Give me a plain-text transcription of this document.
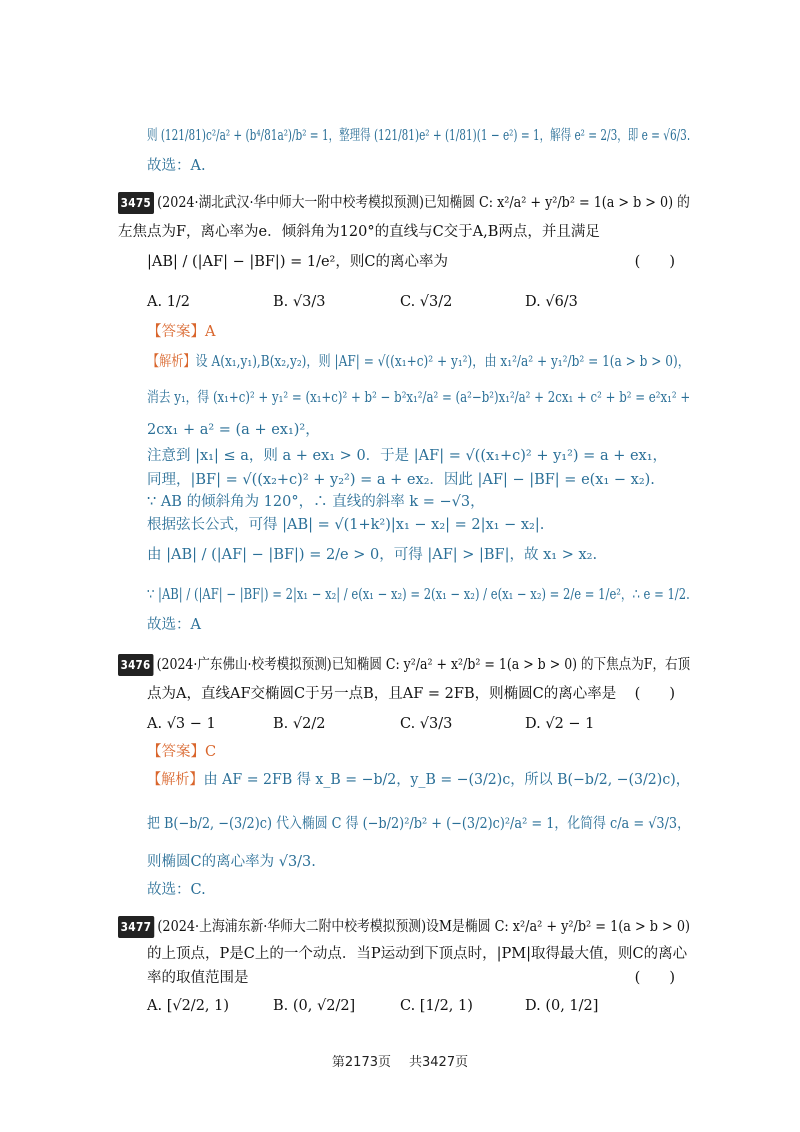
则 (121/81)c²/a² + (b⁴/81a²)/b² = 1，整理得 (121/81)e² + (1/81)(1 − e²) = 1，解得 e² = 2/3，即 e = √6/3.
故选：A.
3475 (2024·湖北武汉·华中师大一附中校考模拟预测)已知椭圆 C: x²/a² + y²/b² = 1(a > b > 0) 的
左焦点为F，离心率为e．倾斜角为120°的直线与C交于A,B两点，并且满足
|AB| / (|AF| − |BF|) = 1/e²，则C的离心率为	(　　)
A. 1/2	B. √3/3	C. √3/2	D. √6/3
【答案】A
【解析】设 A(x₁,y₁),B(x₂,y₂)，则 |AF| = √((x₁+c)² + y₁²)，由 x₁²/a² + y₁²/b² = 1(a > b > 0)，
消去 y₁，得 (x₁+c)² + y₁² = (x₁+c)² + b² − b²x₁²/a² = (a²−b²)x₁²/a² + 2cx₁ + c² + b² = e²x₁² +
2cx₁ + a² = (a + ex₁)²，
注意到 |x₁| ≤ a，则 a + ex₁ > 0．于是 |AF| = √((x₁+c)² + y₁²) = a + ex₁，
同理，|BF| = √((x₂+c)² + y₂²) = a + ex₂．因此 |AF| − |BF| = e(x₁ − x₂).
∵ AB 的倾斜角为 120°，∴ 直线的斜率 k = −√3，
根据弦长公式，可得 |AB| = √(1+k²)|x₁ − x₂| = 2|x₁ − x₂|.
由 |AB| / (|AF| − |BF|) = 2/e > 0，可得 |AF| > |BF|，故 x₁ > x₂.
∵ |AB| / (|AF| − |BF|) = 2|x₁ − x₂| / e(x₁ − x₂) = 2(x₁ − x₂) / e(x₁ − x₂) = 2/e = 1/e²，∴ e = 1/2.
故选：A
3476 (2024·广东佛山·校考模拟预测)已知椭圆 C: y²/a² + x²/b² = 1(a > b > 0) 的下焦点为F，右顶
点为A，直线AF交椭圆C于另一点B，且AF = 2FB，则椭圆C的离心率是 (　　)
A. √3 − 1	B. √2/2	C. √3/3	D. √2 − 1
【答案】C
【解析】由 AF = 2FB 得 x_B = −b/2，y_B = −(3/2)c，所以 B(−b/2, −(3/2)c)，
把 B(−b/2, −(3/2)c) 代入椭圆 C 得 (−b/2)²/b² + (−(3/2)c)²/a² = 1，化简得 c/a = √3/3，
则椭圆C的离心率为 √3/3.
故选：C.
3477 (2024·上海浦东新·华师大二附中校考模拟预测)设M是椭圆 C: x²/a² + y²/b² = 1(a > b > 0)
的上顶点，P是C上的一个动点．当P运动到下顶点时，|PM|取得最大值，则C的离心
率的取值范围是	(　　)
A. [√2/2, 1)	B. (0, √2/2]	C. [1/2, 1)	D. (0, 1/2]
第2173页 共3427页
